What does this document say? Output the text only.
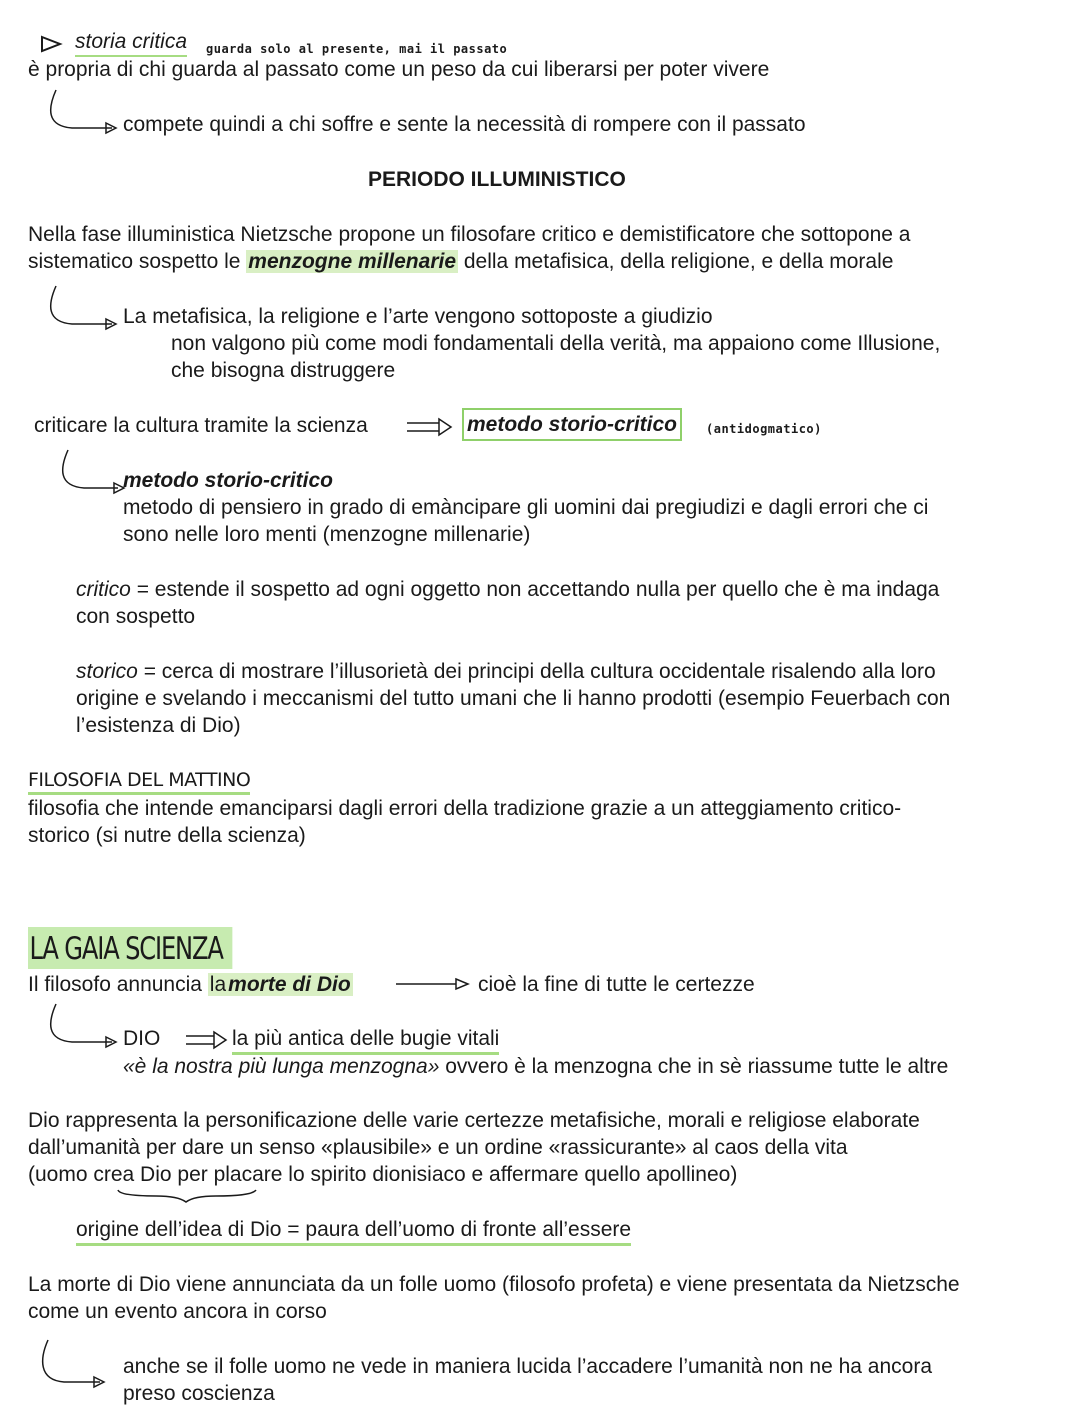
storia critica guarda solo al presente, mai il passato
è propria di chi guarda al passato come un peso da cui liberarsi per poter vivere
compete quindi a chi soffre e sente la necessità di rompere con il passato
PERIODO ILLUMINISTICO
Nella fase illuministica Nietzsche propone un filosofare critico e demistificatore che sottopone a
sistematico sospetto le menzogne millenarie della metafisica, della religione, e della morale
La metafisica, la religione e l’arte vengono sottoposte a giudizio
non valgono più come modi fondamentali della verità, ma appaiono come Illusione,
che bisogna distruggere
criticare la cultura tramite la scienza	metodo storio-critico	(antidogmatico)
metodo storio-critico
metodo di pensiero in grado di emàncipare gli uomini dai pregiudizi e dagli errori che ci
sono nelle loro menti (menzogne millenarie)
critico = estende il sospetto ad ogni oggetto non accettando nulla per quello che è ma indaga
con sospetto
storico = cerca di mostrare l’illusorietà dei principi della cultura occidentale risalendo alla loro
origine e svelando i meccanismi del tutto umani che li hanno prodotti (esempio Feuerbach con
l’esistenza di Dio)
FILOSOFIA DEL MATTINO
filosofia che intende emanciparsi dagli errori della tradizione grazie a un atteggiamento critico-
storico (si nutre della scienza)
LA GAIA SCIENZA
Il filosofo annuncia lamorte di Dio	cioè la fine di tutte le certezze
DIO	la più antica delle bugie vitali
«è la nostra più lunga menzogna» ovvero è la menzogna che in sè riassume tutte le altre
Dio rappresenta la personificazione delle varie certezze metafisiche, morali e religiose elaborate
dall’umanità per dare un senso «plausibile» e un ordine «rassicurante» al caos della vita
(uomo crea Dio per placare lo spirito dionisiaco e affermare quello apollineo)
origine dell’idea di Dio = paura dell’uomo di fronte all’essere
La morte di Dio viene annunciata da un folle uomo (filosofo profeta) e viene presentata da Nietzsche
come un evento ancora in corso
anche se il folle uomo ne vede in maniera lucida l’accadere l’umanità non ne ha ancora
preso coscienza
